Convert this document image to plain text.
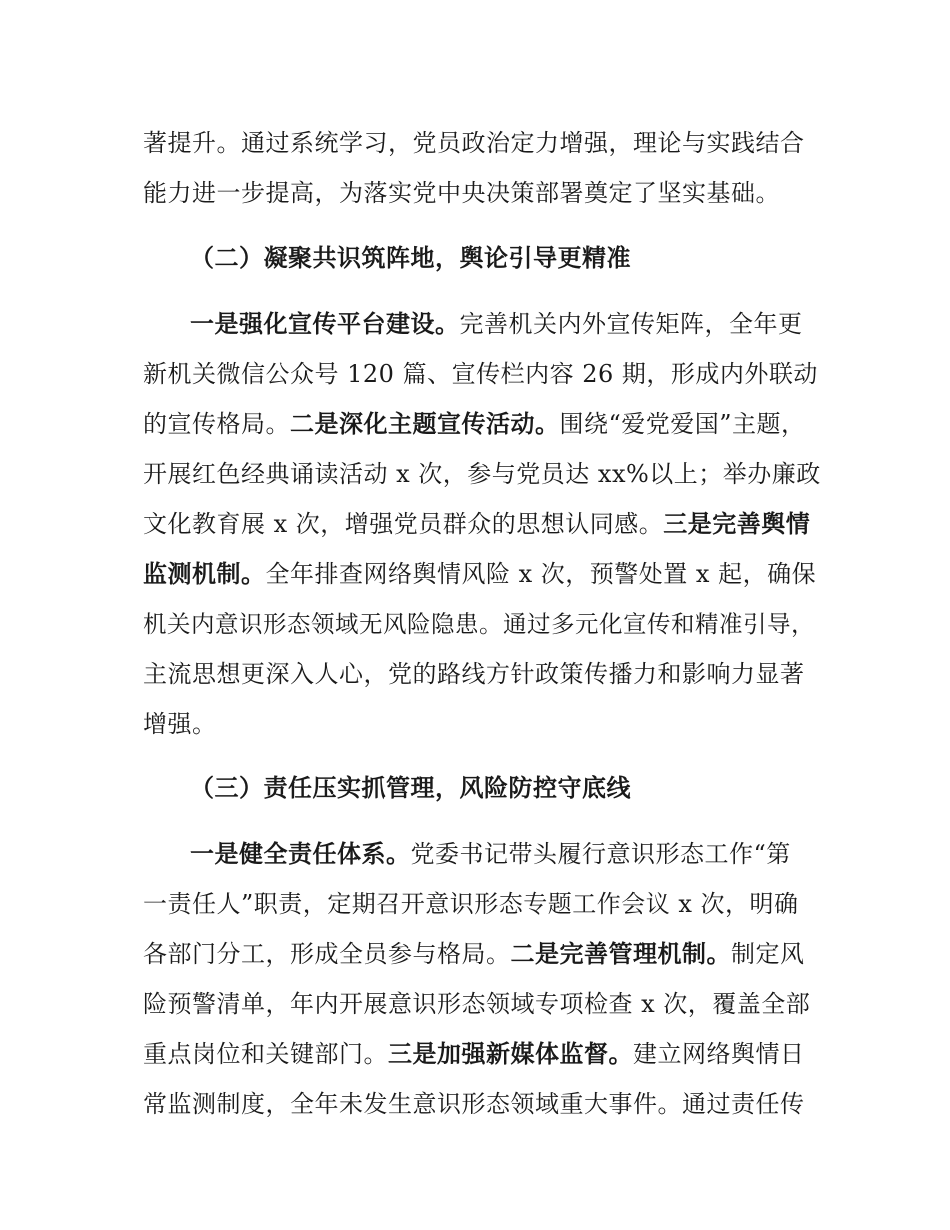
著提升。通过系统学习，党员政治定力增强，理论与实践结合
能力进一步提高，为落实党中央决策部署奠定了坚实基础。
（二）凝聚共识筑阵地，舆论引导更精准
一是强化宣传平台建设。完善机关内外宣传矩阵，全年更
新机关微信公众号 120 篇、宣传栏内容 26 期，形成内外联动
的宣传格局。二是深化主题宣传活动。围绕“爱党爱国”主题，
开展红色经典诵读活动 x 次，参与党员达 xx%以上；举办廉政
文化教育展 x 次，增强党员群众的思想认同感。三是完善舆情
监测机制。全年排查网络舆情风险 x 次，预警处置 x 起，确保
机关内意识形态领域无风险隐患。通过多元化宣传和精准引导，
主流思想更深入人心，党的路线方针政策传播力和影响力显著
增强。
（三）责任压实抓管理，风险防控守底线
一是健全责任体系。党委书记带头履行意识形态工作“第
一责任人”职责，定期召开意识形态专题工作会议 x 次，明确
各部门分工，形成全员参与格局。二是完善管理机制。制定风
险预警清单，年内开展意识形态领域专项检查 x 次，覆盖全部
重点岗位和关键部门。三是加强新媒体监督。建立网络舆情日
常监测制度，全年未发生意识形态领域重大事件。通过责任传
